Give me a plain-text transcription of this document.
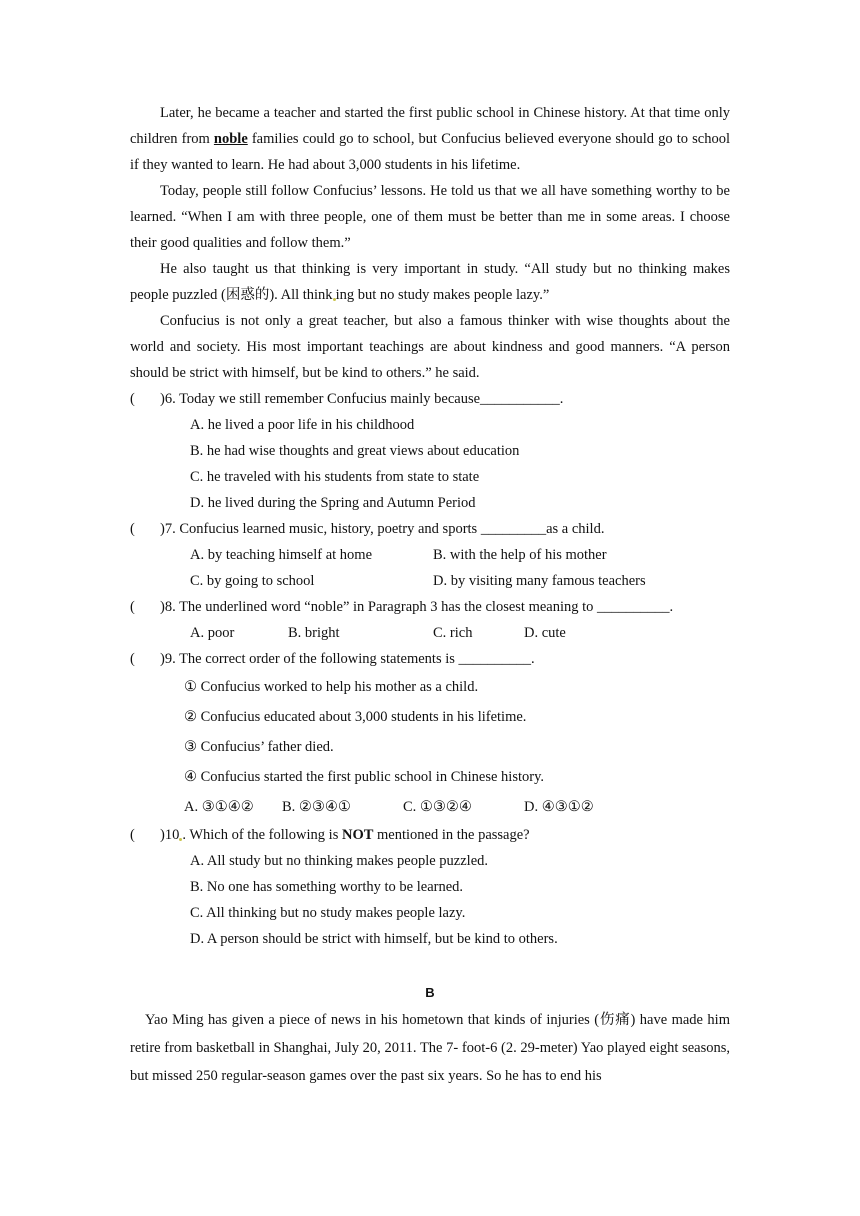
Later, he became a teacher and started the first public school in Chinese history. At that time only children from noble families could go to school, but Confucius believed everyone should go to school if they wanted to learn. He had about 3,000 students in his lifetime.

Today, people still follow Confucius’ lessons. He told us that we all have something worthy to be learned. “When I am with three people, one of them must be better than me in some areas. I choose their good qualities and follow them.”

He also taught us that thinking is very important in study. “All study but no thinking makes people puzzled (困惑的). All think ing but no study makes people lazy.”

Confucius is not only a great teacher, but also a famous thinker with wise thoughts about the world and society. His most important teachings are about kindness and good manners. “A person should be strict with himself, but be kind to others.” he said.

( )6. Today we still remember Confucius mainly because___________.
A. he lived a poor life in his childhood
B. he had wise thoughts and great views about education
C. he traveled with his students from state to state
D. he lived during the Spring and Autumn Period
( )7. Confucius learned music, history, poetry and sports _________as a child.
A. by teaching himself at home	B. with the help of his mother
C. by going to school	D. by visiting many famous teachers
( )8. The underlined word “noble” in Paragraph 3 has the closest meaning to __________.
A. poor	B. bright	C. rich	D. cute
( )9. The correct order of the following statements is __________.
① Confucius worked to help his mother as a child.
② Confucius educated about 3,000 students in his lifetime.
③ Confucius’ father died.
④ Confucius started the first public school in Chinese history.
A. ③①④② B. ②③④①	C. ①③②④	D. ④③①②
( )10 . Which of the following is NOT mentioned in the passage?
A. All study but no thinking makes people puzzled.
B. No one has something worthy to be learned.
C. All thinking but no study makes people lazy.
D. A person should be strict with himself, but be kind to others.
B

Yao Ming has given a piece of news in his hometown that kinds of injuries (伤痛) have made him retire from basketball in Shanghai, July 20, 2011. The 7- foot-6 (2. 29-meter) Yao played eight seasons, but missed 250 regular-season games over the past six years. So he has to end his
